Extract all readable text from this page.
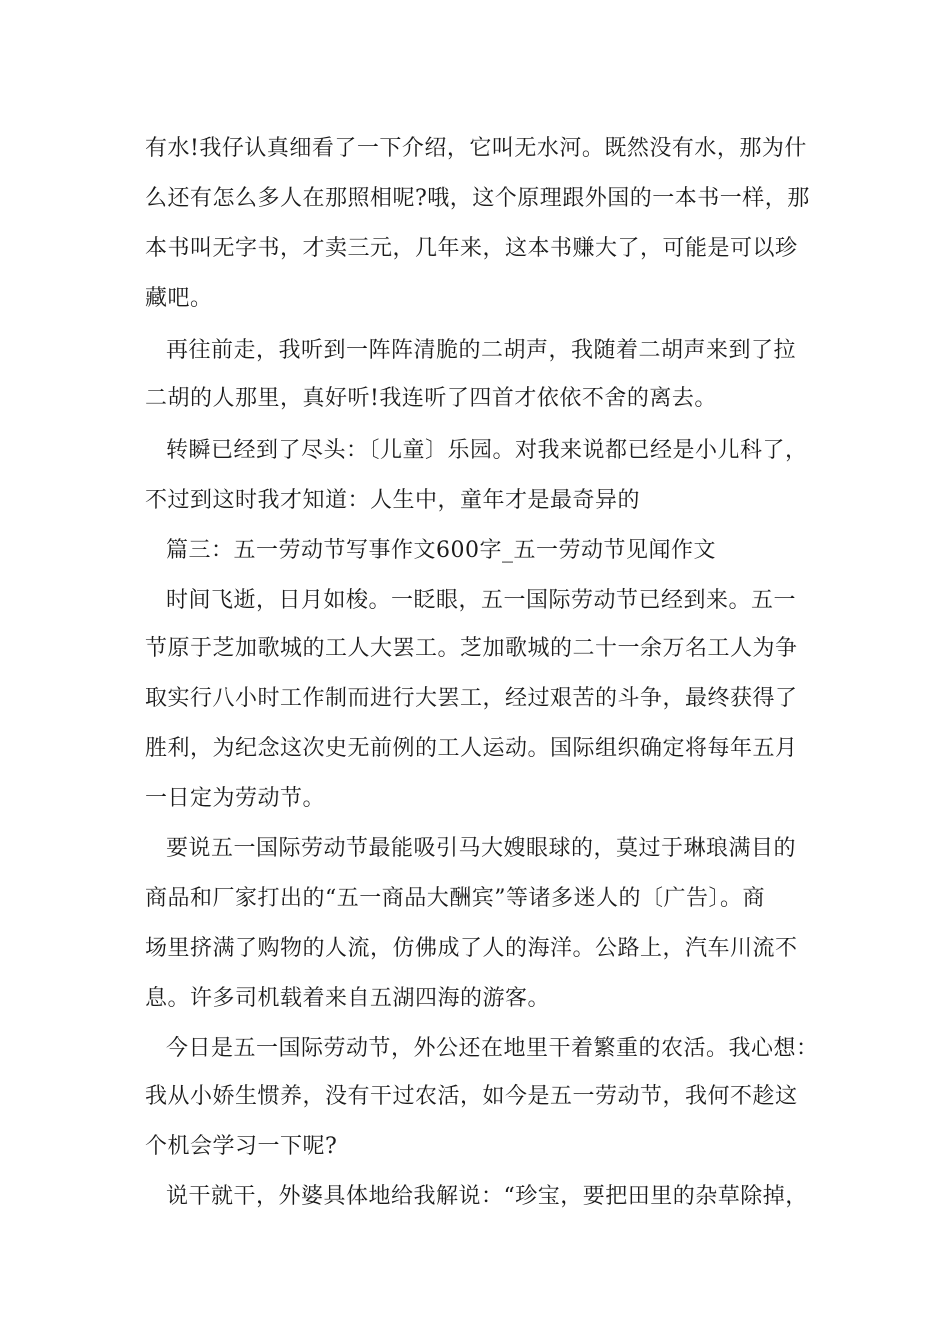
有水!我仔认真细看了一下介绍，它叫无水河。既然没有水，那为什
么还有怎么多人在那照相呢?哦，这个原理跟外国的一本书一样，那
本书叫无字书，才卖三元，几年来，这本书赚大了，可能是可以珍
藏吧。
再往前走，我听到一阵阵清脆的二胡声，我随着二胡声来到了拉
二胡的人那里，真好听!我连听了四首才依依不舍的离去。
转瞬已经到了尽头：〔儿童〕乐园。对我来说都已经是小儿科了，
不过到这时我才知道：人生中，童年才是最奇异的
篇三：五一劳动节写事作文600字_五一劳动节见闻作文
时间飞逝，日月如梭。一眨眼，五一国际劳动节已经到来。五一
节原于芝加歌城的工人大罢工。芝加歌城的二十一余万名工人为争
取实行八小时工作制而进行大罢工，经过艰苦的斗争，最终获得了
胜利，为纪念这次史无前例的工人运动。国际组织确定将每年五月
一日定为劳动节。
要说五一国际劳动节最能吸引马大嫂眼球的，莫过于琳琅满目的
商品和厂家打出的“五一商品大酬宾”等诸多迷人的〔广告〕。商
场里挤满了购物的人流，仿佛成了人的海洋。公路上，汽车川流不
息。许多司机载着来自五湖四海的游客。
今日是五一国际劳动节，外公还在地里干着繁重的农活。我心想：
我从小娇生惯养，没有干过农活，如今是五一劳动节，我何不趁这
个机会学习一下呢?
说干就干，外婆具体地给我解说：“珍宝，要把田里的杂草除掉，
